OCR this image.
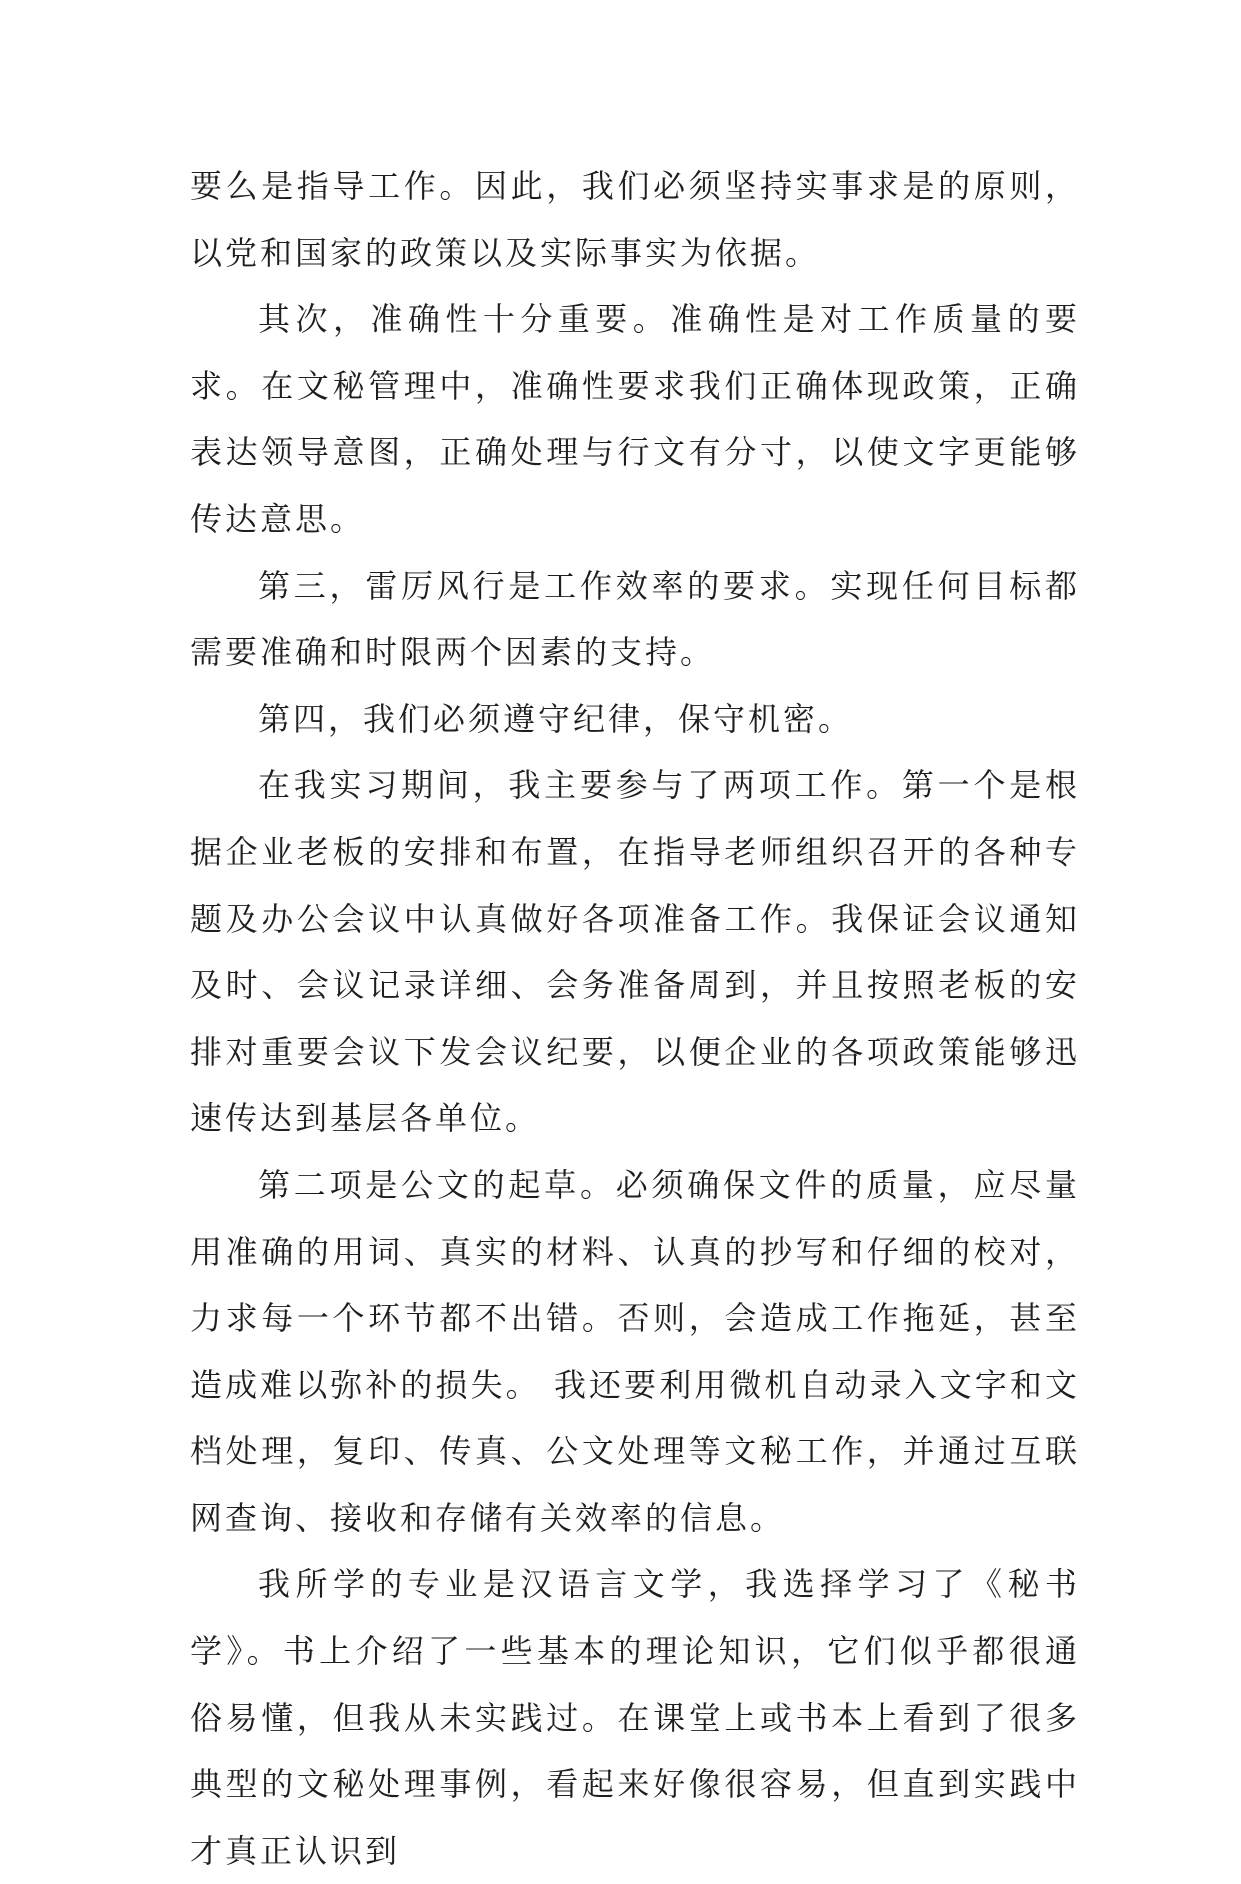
要么是指导工作。因此，我们必须坚持实事求是的原则，以党和国家的政策以及实际事实为依据。

其次，准确性十分重要。准确性是对工作质量的要求。在文秘管理中，准确性要求我们正确体现政策，正确表达领导意图，正确处理与行文有分寸，以使文字更能够传达意思。

第三，雷厉风行是工作效率的要求。实现任何目标都需要准确和时限两个因素的支持。

第四，我们必须遵守纪律，保守机密。

在我实习期间，我主要参与了两项工作。第一个是根据企业老板的安排和布置，在指导老师组织召开的各种专题及办公会议中认真做好各项准备工作。我保证会议通知及时、会议记录详细、会务准备周到，并且按照老板的安排对重要会议下发会议纪要，以便企业的各项政策能够迅速传达到基层各单位。

第二项是公文的起草。必须确保文件的质量，应尽量用准确的用词、真实的材料、认真的抄写和仔细的校对，力求每一个环节都不出错。否则，会造成工作拖延，甚至造成难以弥补的损失。 我还要利用微机自动录入文字和文档处理，复印、传真、公文处理等文秘工作，并通过互联网查询、接收和存储有关效率的信息。

我所学的专业是汉语言文学，我选择学习了《秘书学》。书上介绍了一些基本的理论知识，它们似乎都很通俗易懂，但我从未实践过。在课堂上或书本上看到了很多典型的文秘处理事例，看起来好像很容易，但直到实践中才真正认识到
